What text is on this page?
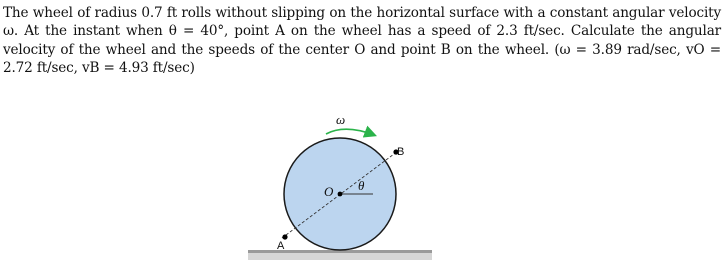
The wheel of radius 0.7 ft rolls without slipping on the horizontal surface with a constant angular velocity ω. At the instant when θ = 40°, point A on the wheel has a speed of 2.3 ft/sec. Calculate the angular velocity of the wheel and the speeds of the center O and point B on the wheel. (ω = 3.89 rad/sec, vO = 2.72 ft/sec, vB = 4.93 ft/sec)
ω
O θ
A
B
